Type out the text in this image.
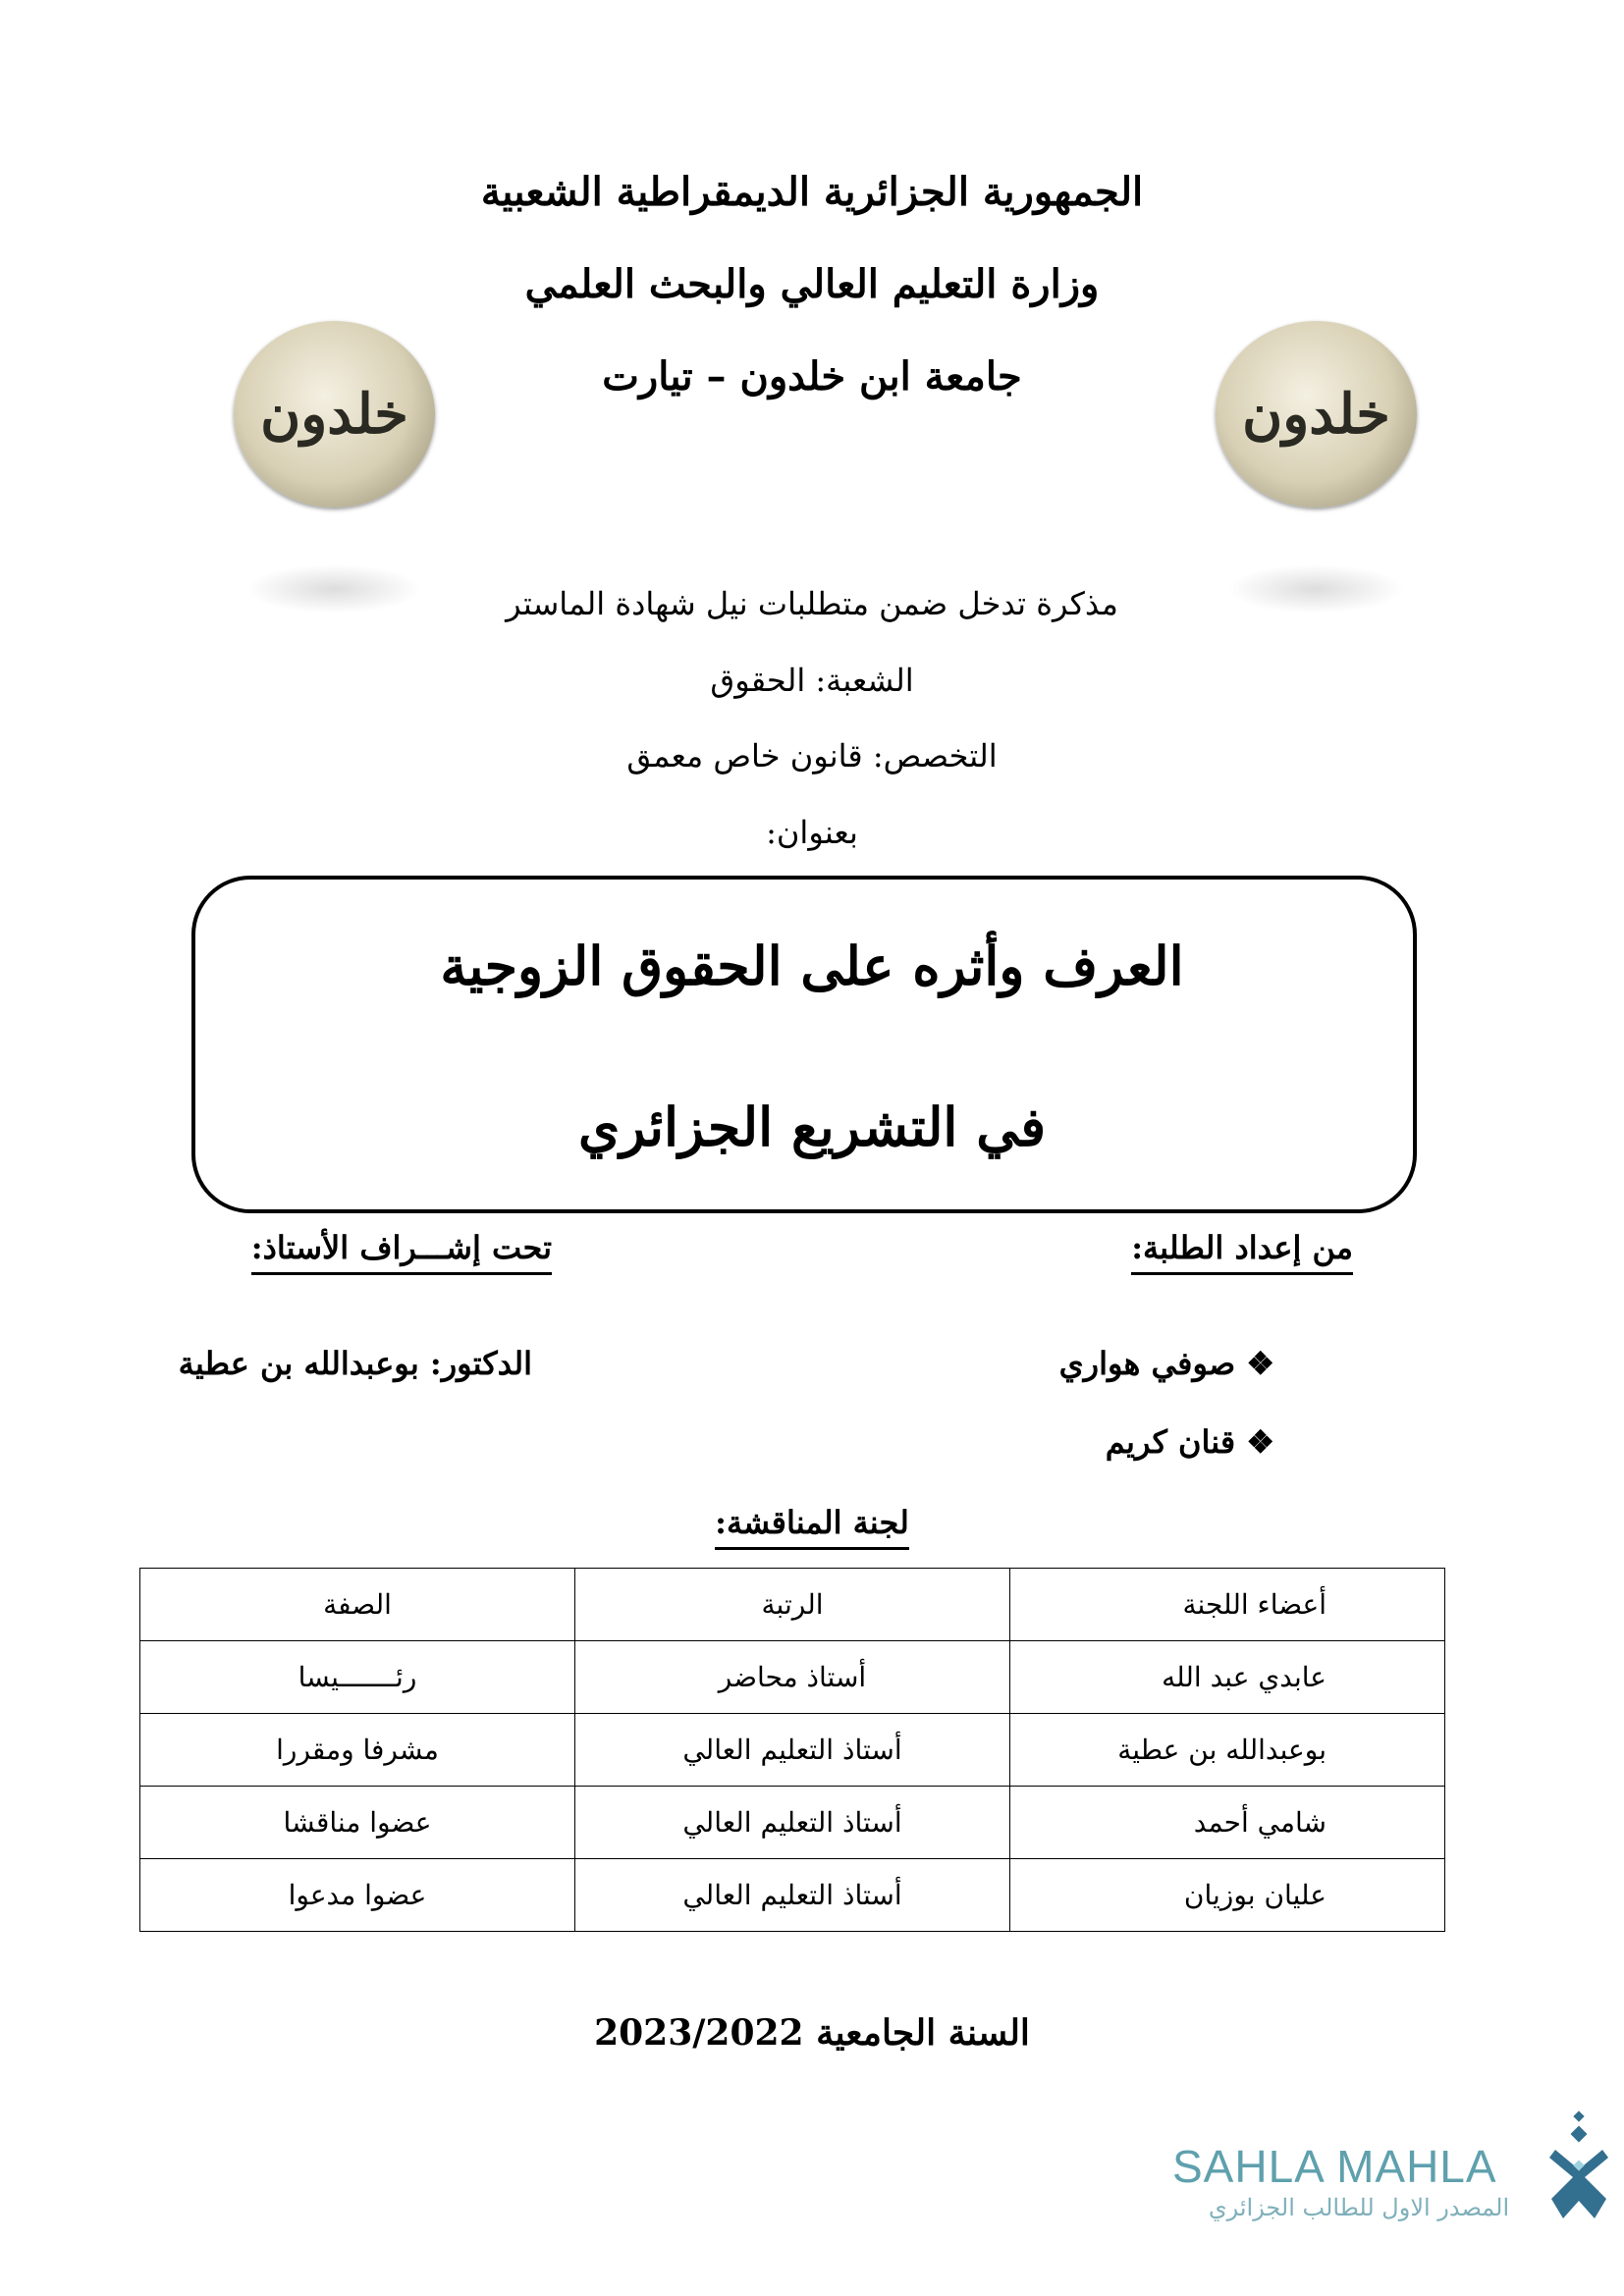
الجمهورية الجزائرية الديمقراطية الشعبية
وزارة التعليم العالي والبحث العلمي
جامعة ابن خلدون – تيارت
خلدون	خلدون
مذكرة تدخل ضمن متطلبات نيل شهادة الماستر
الشعبة: الحقوق
التخصص: قانون خاص معمق
بعنوان:
العرف وأثره على الحقوق الزوجية
في التشريع الجزائري
من إعداد الطلبة:
تحت إشـــراف الأستاذ:
❖ صوفي هواري
❖ قنان كريم
الدكتور: بوعبدالله بن عطية
لجنة المناقشة:
أعضاء اللجنة	الرتبة	الصفة
عابدي عبد الله	أستاذ محاضر	رئـــــــيسا
بوعبدالله بن عطية	أستاذ التعليم العالي	مشرفا ومقررا
شامي أحمد	أستاذ التعليم العالي	عضوا مناقشا
عليان بوزيان	أستاذ التعليم العالي	عضوا مدعوا
السنة الجامعية 2023/2022
SAHLA MAHLA
المصدر الاول للطالب الجزائري
